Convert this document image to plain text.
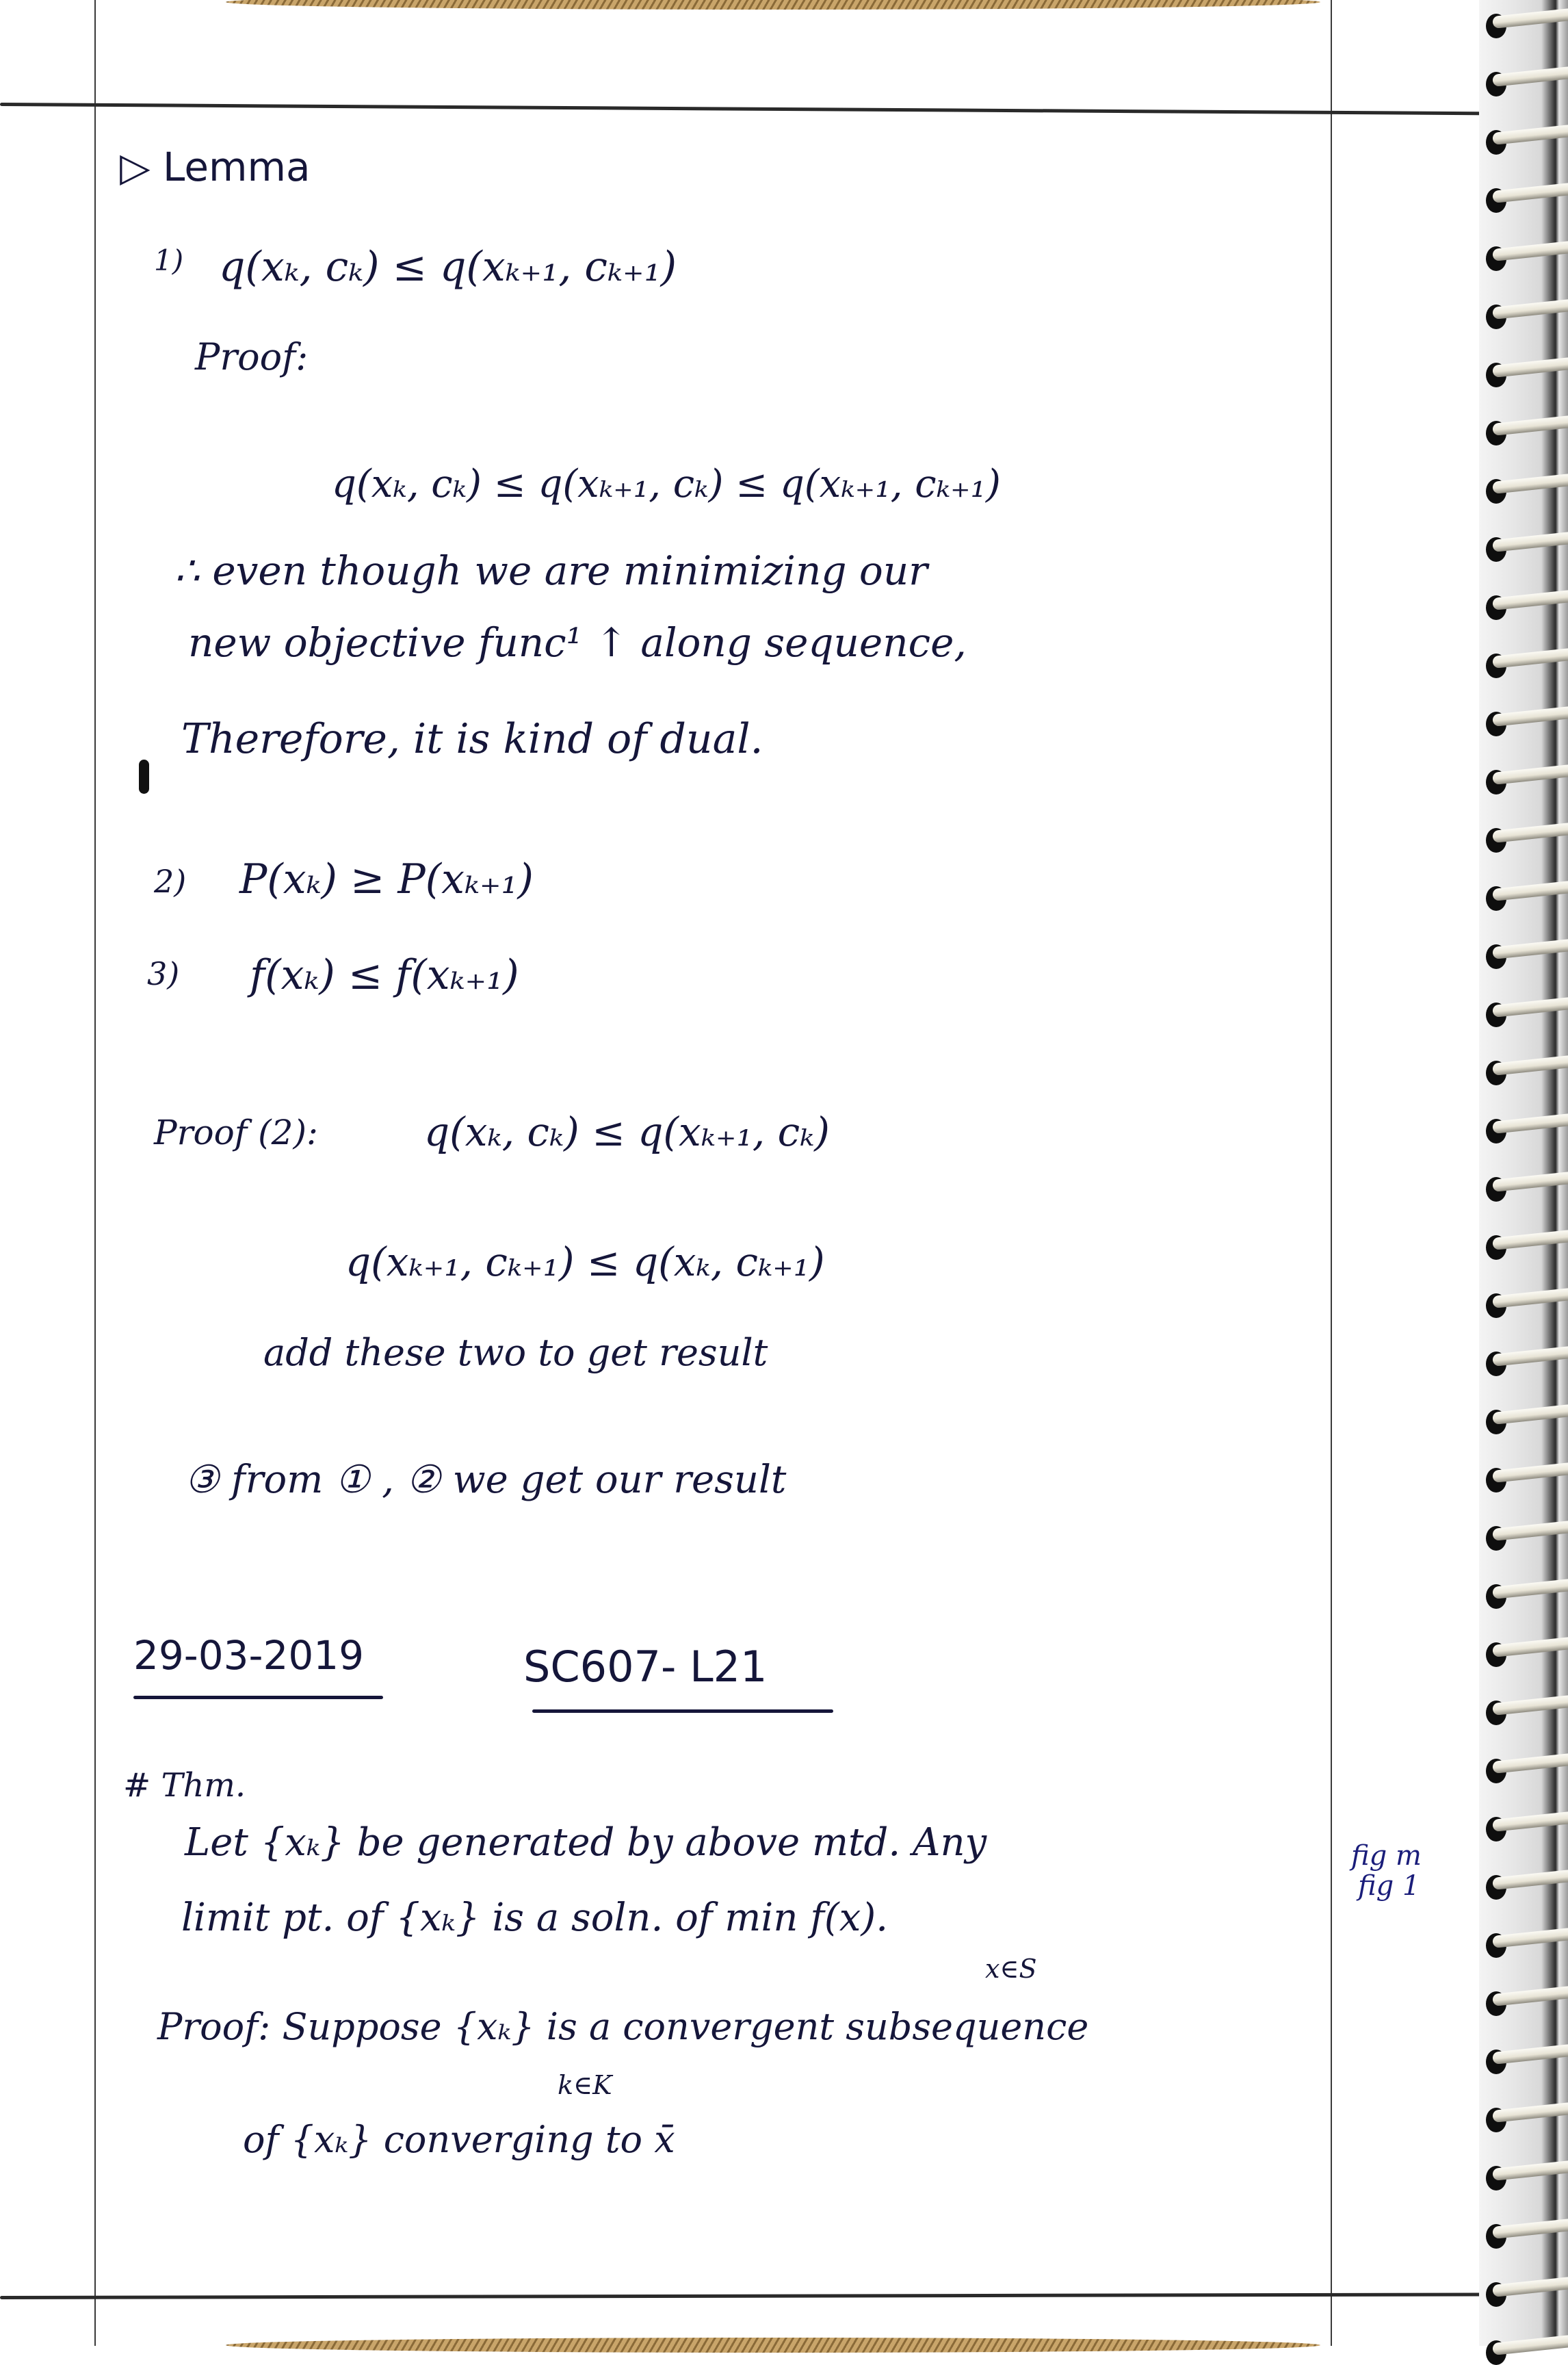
▷ Lemma
1) q(xₖ, cₖ) ≤ q(xₖ₊₁, cₖ₊₁)
Proof:
q(xₖ, cₖ) ≤ q(xₖ₊₁, cₖ) ≤ q(xₖ₊₁, cₖ₊₁)
∴ even though we are minimizing our
new objective func¹ ↑ along sequence,
Therefore, it is kind of dual.
2) P(xₖ) ≥ P(xₖ₊₁)
3) f(xₖ) ≤ f(xₖ₊₁)
Proof (2):	q(xₖ, cₖ) ≤ q(xₖ₊₁, cₖ)
q(xₖ₊₁, cₖ₊₁) ≤ q(xₖ, cₖ₊₁)
add these two to get result
③ from ① , ② we get our result
29-03-2019	SC607- L21
# Thm.
Let {xₖ} be generated by above mtd. Any
limit pt. of {xₖ} is a soln. of min f(x).
x∈S
Proof: Suppose {xₖ} is a convergent subsequence
k∈K
of {xₖ} converging to x̄
fig m
fig 1
